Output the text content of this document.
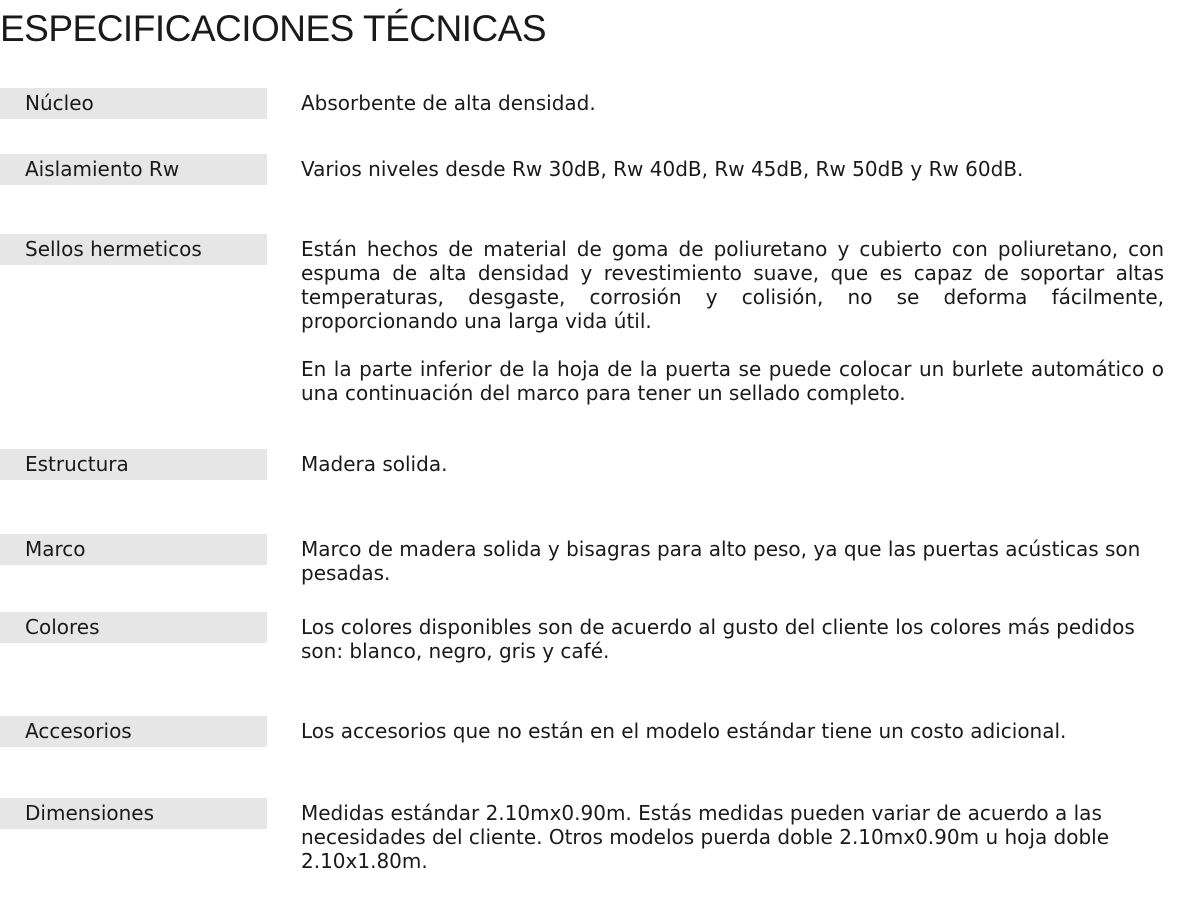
ESPECIFICACIONES TÉCNICAS
Núcleo	Absorbente de alta densidad.

Aislamiento Rw	Varios niveles desde Rw 30dB, Rw 40dB, Rw 45dB, Rw 50dB y Rw 60dB.

Sellos hermeticos	Están hechos de material de goma de poliuretano y cubierto con poliuretano, con espuma de alta densidad y revestimiento suave, que es capaz de soportar altas temperaturas, desgaste, corrosión y colisión, no se deforma fácilmente, proporcionando una larga vida útil.

En la parte inferior de la hoja de la puerta se puede colocar un burlete automático o una continuación del marco para tener un sellado completo.

Estructura	Madera solida.

Marco	Marco de madera solida y bisagras para alto peso, ya que las puertas acústicas son pesadas.

Colores	Los colores disponibles son de acuerdo al gusto del cliente los colores más pedidos son: blanco, negro, gris y café.

Accesorios	Los accesorios que no están en el modelo estándar tiene un costo adicional.

Dimensiones	Medidas estándar 2.10mx0.90m. Estás medidas pueden variar de acuerdo a las necesidades del cliente. Otros modelos puerda doble 2.10mx0.90m u hoja doble 2.10x1.80m.
